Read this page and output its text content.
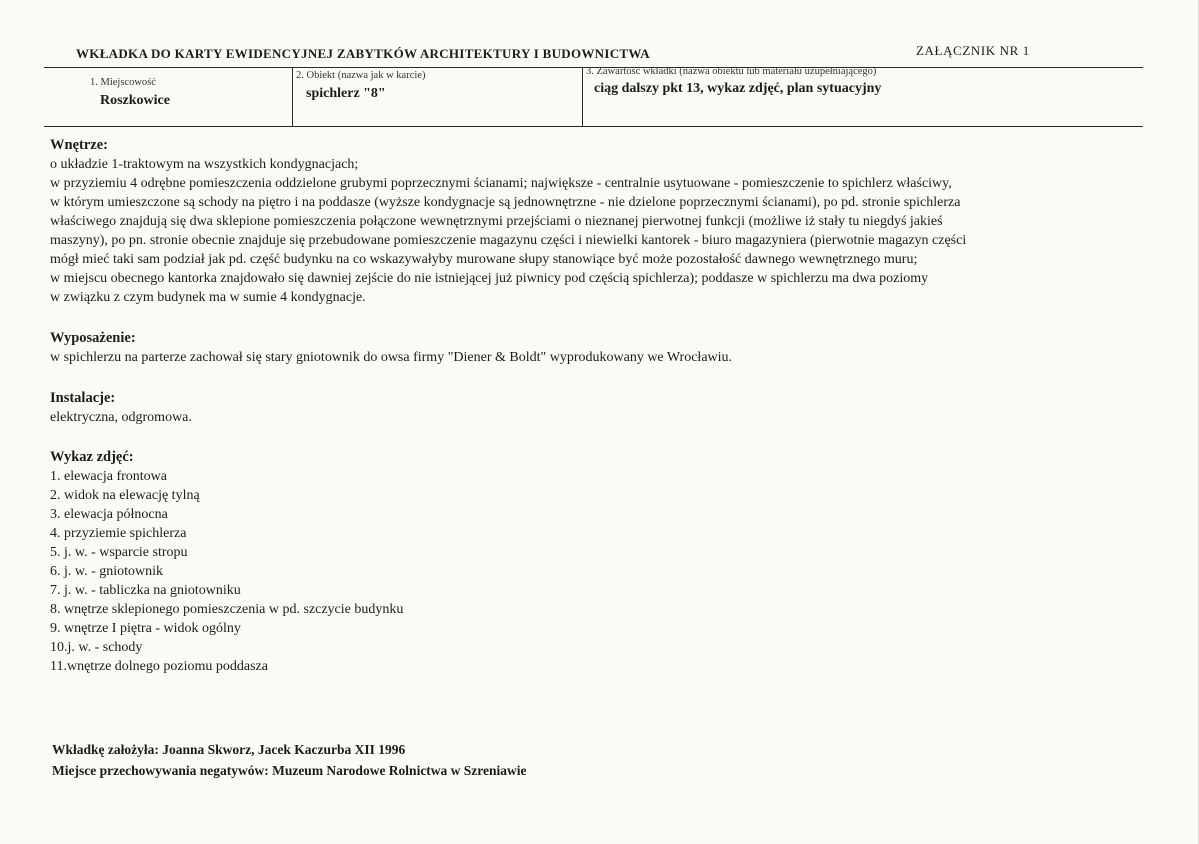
WKŁADKA DO KARTY EWIDENCYJNEJ ZABYTKÓW ARCHITEKTURY I BUDOWNICTWA	ZAŁĄCZNIK NR 1
1. Miejscowość
Roszkowice
2. Obiekt (nazwa jak w karcie)
spichlerz "8"
3. Zawartość wkładki (nazwa obiektu lub materiału uzupełniającego)
ciąg dalszy pkt 13, wykaz zdjęć, plan sytuacyjny
Wnętrze:
o układzie 1-traktowym na wszystkich kondygnacjach;
w przyziemiu 4 odrębne pomieszczenia oddzielone grubymi poprzecznymi ścianami; największe - centralnie usytuowane - pomieszczenie to spichlerz właściwy,
w którym umieszczone są schody na piętro i na poddasze (wyższe kondygnacje są jednownętrzne - nie dzielone poprzecznymi ścianami), po pd. stronie spichlerza
właściwego znajdują się dwa sklepione pomieszczenia połączone wewnętrznymi przejściami o nieznanej pierwotnej funkcji (możliwe iż stały tu niegdyś jakieś
maszyny), po pn. stronie obecnie znajduje się przebudowane pomieszczenie magazynu części i niewielki kantorek - biuro magazyniera (pierwotnie magazyn części
mógł mieć taki sam podział jak pd. część budynku na co wskazywałyby murowane słupy stanowiące być może pozostałość dawnego wewnętrznego muru;
w miejscu obecnego kantorka znajdowało się dawniej zejście do nie istniejącej już piwnicy pod częścią spichlerza); poddasze w spichlerzu ma dwa poziomy
w związku z czym budynek ma w sumie 4 kondygnacje.
Wyposażenie:
w spichlerzu na parterze zachował się stary gniotownik do owsa firmy "Diener & Boldt" wyprodukowany we Wrocławiu.
Instalacje:
elektryczna, odgromowa.
Wykaz zdjęć:
1. elewacja frontowa
2. widok na elewację tylną
3. elewacja północna
4. przyziemie spichlerza
5. j. w. - wsparcie stropu
6. j. w. - gniotownik
7. j. w. - tabliczka na gniotowniku
8. wnętrze sklepionego pomieszczenia w pd. szczycie budynku
9. wnętrze I piętra - widok ogólny
10.j. w. - schody
11.wnętrze dolnego poziomu poddasza
Wkładkę założyła: Joanna Skworz, Jacek Kaczurba XII 1996
Miejsce przechowywania negatywów: Muzeum Narodowe Rolnictwa w Szreniawie
